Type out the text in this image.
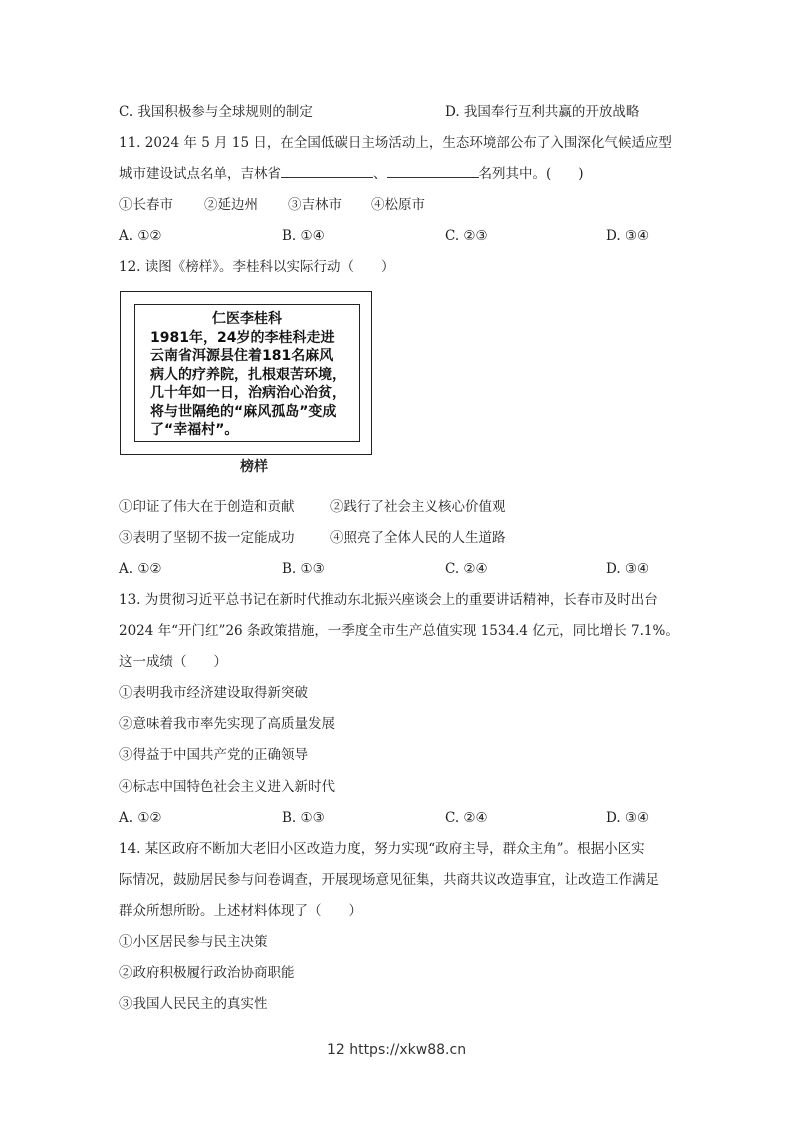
C. 我国积极参与全球规则的制定	D. 我国奉行互利共赢的开放战略
11. 2024 年 5 月 15 日，在全国低碳日主场活动上，生态环境部公布了入围深化气候适应型
城市建设试点名单，吉林省	、	名列其中。(　　)
①长春市 ②延边州 ③吉林市 ④松原市
A. ①②	B. ①④	C. ②③	D. ③④
12. 读图《榜样》。李桂科以实际行动（　　）
仁医李桂科
1981年，24岁的李桂科走进
云南省洱源县住着181名麻风
病人的疗养院，扎根艰苦环境，
几十年如一日，治病治心治贫，
将与世隔绝的“麻风孤岛”变成
了“幸福村”。
榜样
①印证了伟大在于创造和贡献	②践行了社会主义核心价值观
③表明了坚韧不拔一定能成功	④照亮了全体人民的人生道路
A. ①②	B. ①③	C. ②④	D. ③④
13. 为贯彻习近平总书记在新时代推动东北振兴座谈会上的重要讲话精神，长春市及时出台
2024 年“开门红”26 条政策措施，一季度全市生产总值实现 1534.4 亿元，同比增长 7.1%。
这一成绩（　　）
①表明我市经济建设取得新突破
②意味着我市率先实现了高质量发展
③得益于中国共产党的正确领导
④标志中国特色社会主义进入新时代
A. ①②	B. ①③	C. ②④	D. ③④
14. 某区政府不断加大老旧小区改造力度，努力实现“政府主导，群众主角”。根据小区实
际情况，鼓励居民参与问卷调查，开展现场意见征集，共商共议改造事宜，让改造工作满足
群众所想所盼。上述材料体现了（　　）
①小区居民参与民主决策
②政府积极履行政治协商职能
③我国人民民主的真实性
12 https://xkw88.cn
